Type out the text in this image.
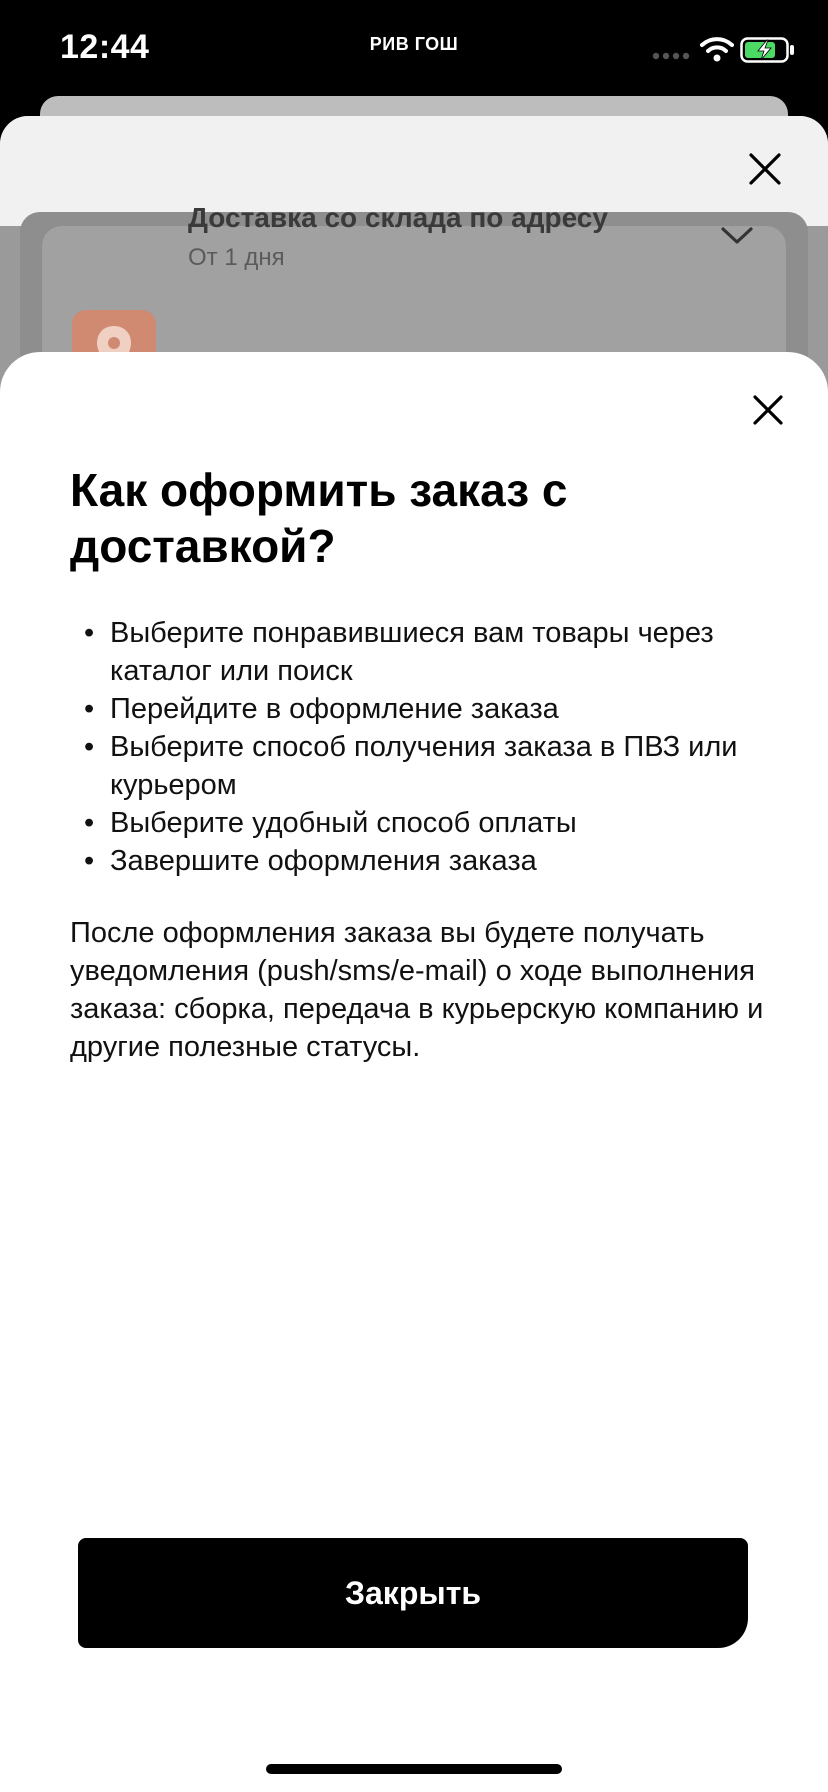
12:44	РИВ ГОШ
Доставка со склада по адресу
От 1 дня
Как оформить заказ с доставкой?
• Выберите понравившиеся вам товары через каталог или поиск
• Перейдите в оформление заказа
• Выберите способ получения заказа в ПВЗ или курьером
• Выберите удобный способ оплаты
• Завершите оформления заказа

После оформления заказа вы будете получать уведомления (push/sms/e-mail) о ходе выполнения заказа: сборка, передача в курьерскую компанию и другие полезные статусы.

Закрыть
